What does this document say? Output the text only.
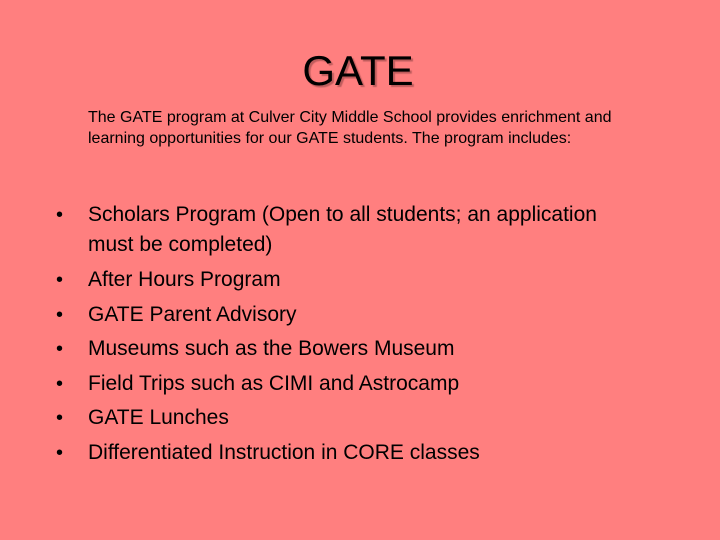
GATE
The GATE program at Culver City Middle School provides enrichment and learning opportunities for our GATE students. The program includes:
•	Scholars Program (Open to all students; an application must be completed)
•	After Hours Program
•	GATE Parent Advisory
•	Museums such as the Bowers Museum
•	Field Trips such as CIMI and Astrocamp
•	GATE Lunches
•	Differentiated Instruction in CORE classes
